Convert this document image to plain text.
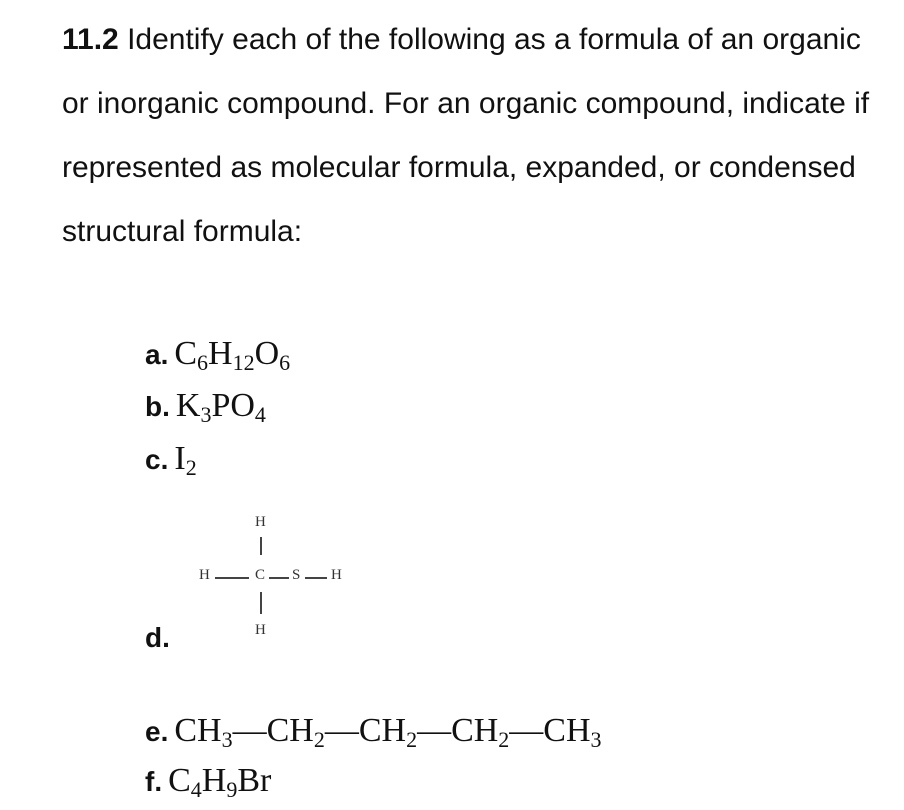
11.2 Identify each of the following as a formula of an organic or inorganic compound. For an organic compound, indicate if represented as molecular formula, expanded, or condensed structural formula:
a. $C_6H_{12}O_6$
b. $K_3PO_4$
c. $I_2$
d.
H
H	C S H
H
e. $CH_3—CH_2—CH_2—CH_2—CH_3$
f. $C_4H_9Br$
